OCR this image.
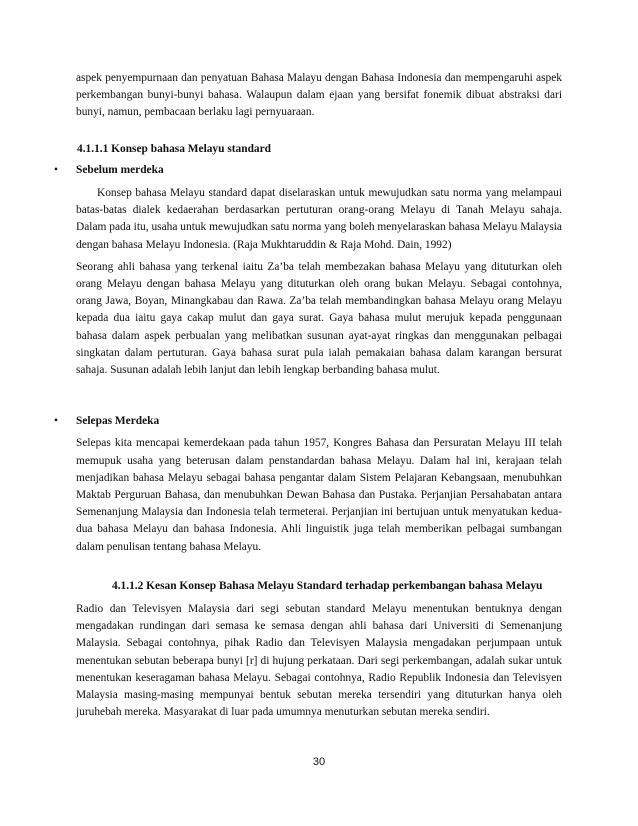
aspek penyempurnaan dan penyatuan Bahasa Malayu dengan Bahasa Indonesia dan mempengaruhi aspek perkembangan bunyi-bunyi bahasa. Walaupun dalam ejaan yang bersifat fonemik dibuat abstraksi dari bunyi, namun, pembacaan berlaku lagi pernyuaraan.

4.1.1.1 Konsep bahasa Melayu standard

• Sebelum merdeka

Konsep bahasa Melayu standard dapat diselaraskan untuk mewujudkan satu norma yang melampaui batas-batas dialek kedaerahan berdasarkan pertuturan orang-orang Melayu di Tanah Melayu sahaja. Dalam pada itu, usaha untuk mewujudkan satu norma yang boleh menyelaraskan bahasa Melayu Malaysia dengan bahasa Melayu Indonesia. (Raja Mukhtaruddin & Raja Mohd. Dain, 1992)

Seorang ahli bahasa yang terkenal iaitu Za’ba telah membezakan bahasa Melayu yang dituturkan oleh orang Melayu dengan bahasa Melayu yang dituturkan oleh orang bukan Melayu. Sebagai contohnya, orang Jawa, Boyan, Minangkabau dan Rawa. Za’ba telah membandingkan bahasa Melayu orang Melayu kepada dua iaitu gaya cakap mulut dan gaya surat. Gaya bahasa mulut merujuk kepada penggunaan bahasa dalam aspek perbualan yang melibatkan susunan ayat-ayat ringkas dan menggunakan pelbagai singkatan dalam pertuturan. Gaya bahasa surat pula ialah pemakaian bahasa dalam karangan bersurat sahaja. Susunan adalah lebih lanjut dan lebih lengkap berbanding bahasa mulut.

• Selepas Merdeka

Selepas kita mencapai kemerdekaan pada tahun 1957, Kongres Bahasa dan Persuratan Melayu III telah memupuk usaha yang beterusan dalam penstandardan bahasa Melayu. Dalam hal ini, kerajaan telah menjadikan bahasa Melayu sebagai bahasa pengantar dalam Sistem Pelajaran Kebangsaan, menubuhkan Maktab Perguruan Bahasa, dan menubuhkan Dewan Bahasa dan Pustaka. Perjanjian Persahabatan antara Semenanjung Malaysia dan Indonesia telah termeterai. Perjanjian ini bertujuan untuk menyatukan kedua-dua bahasa Melayu dan bahasa Indonesia. Ahli linguistik juga telah memberikan pelbagai sumbangan dalam penulisan tentang bahasa Melayu.

4.1.1.2 Kesan Konsep Bahasa Melayu Standard terhadap perkembangan bahasa Melayu

Radio dan Televisyen Malaysia dari segi sebutan standard Melayu menentukan bentuknya dengan mengadakan rundingan dari semasa ke semasa dengan ahli bahasa dari Universiti di Semenanjung Malaysia. Sebagai contohnya, pihak Radio dan Televisyen Malaysia mengadakan perjumpaan untuk menentukan sebutan beberapa bunyi [r] di hujung perkataan. Dari segi perkembangan, adalah sukar untuk menentukan keseragaman bahasa Melayu. Sebagai contohnya, Radio Republik Indonesia dan Televisyen Malaysia masing-masing mempunyai bentuk sebutan mereka tersendiri yang dituturkan hanya oleh juruhebah mereka. Masyarakat di luar pada umumnya menuturkan sebutan mereka sendiri.

30
